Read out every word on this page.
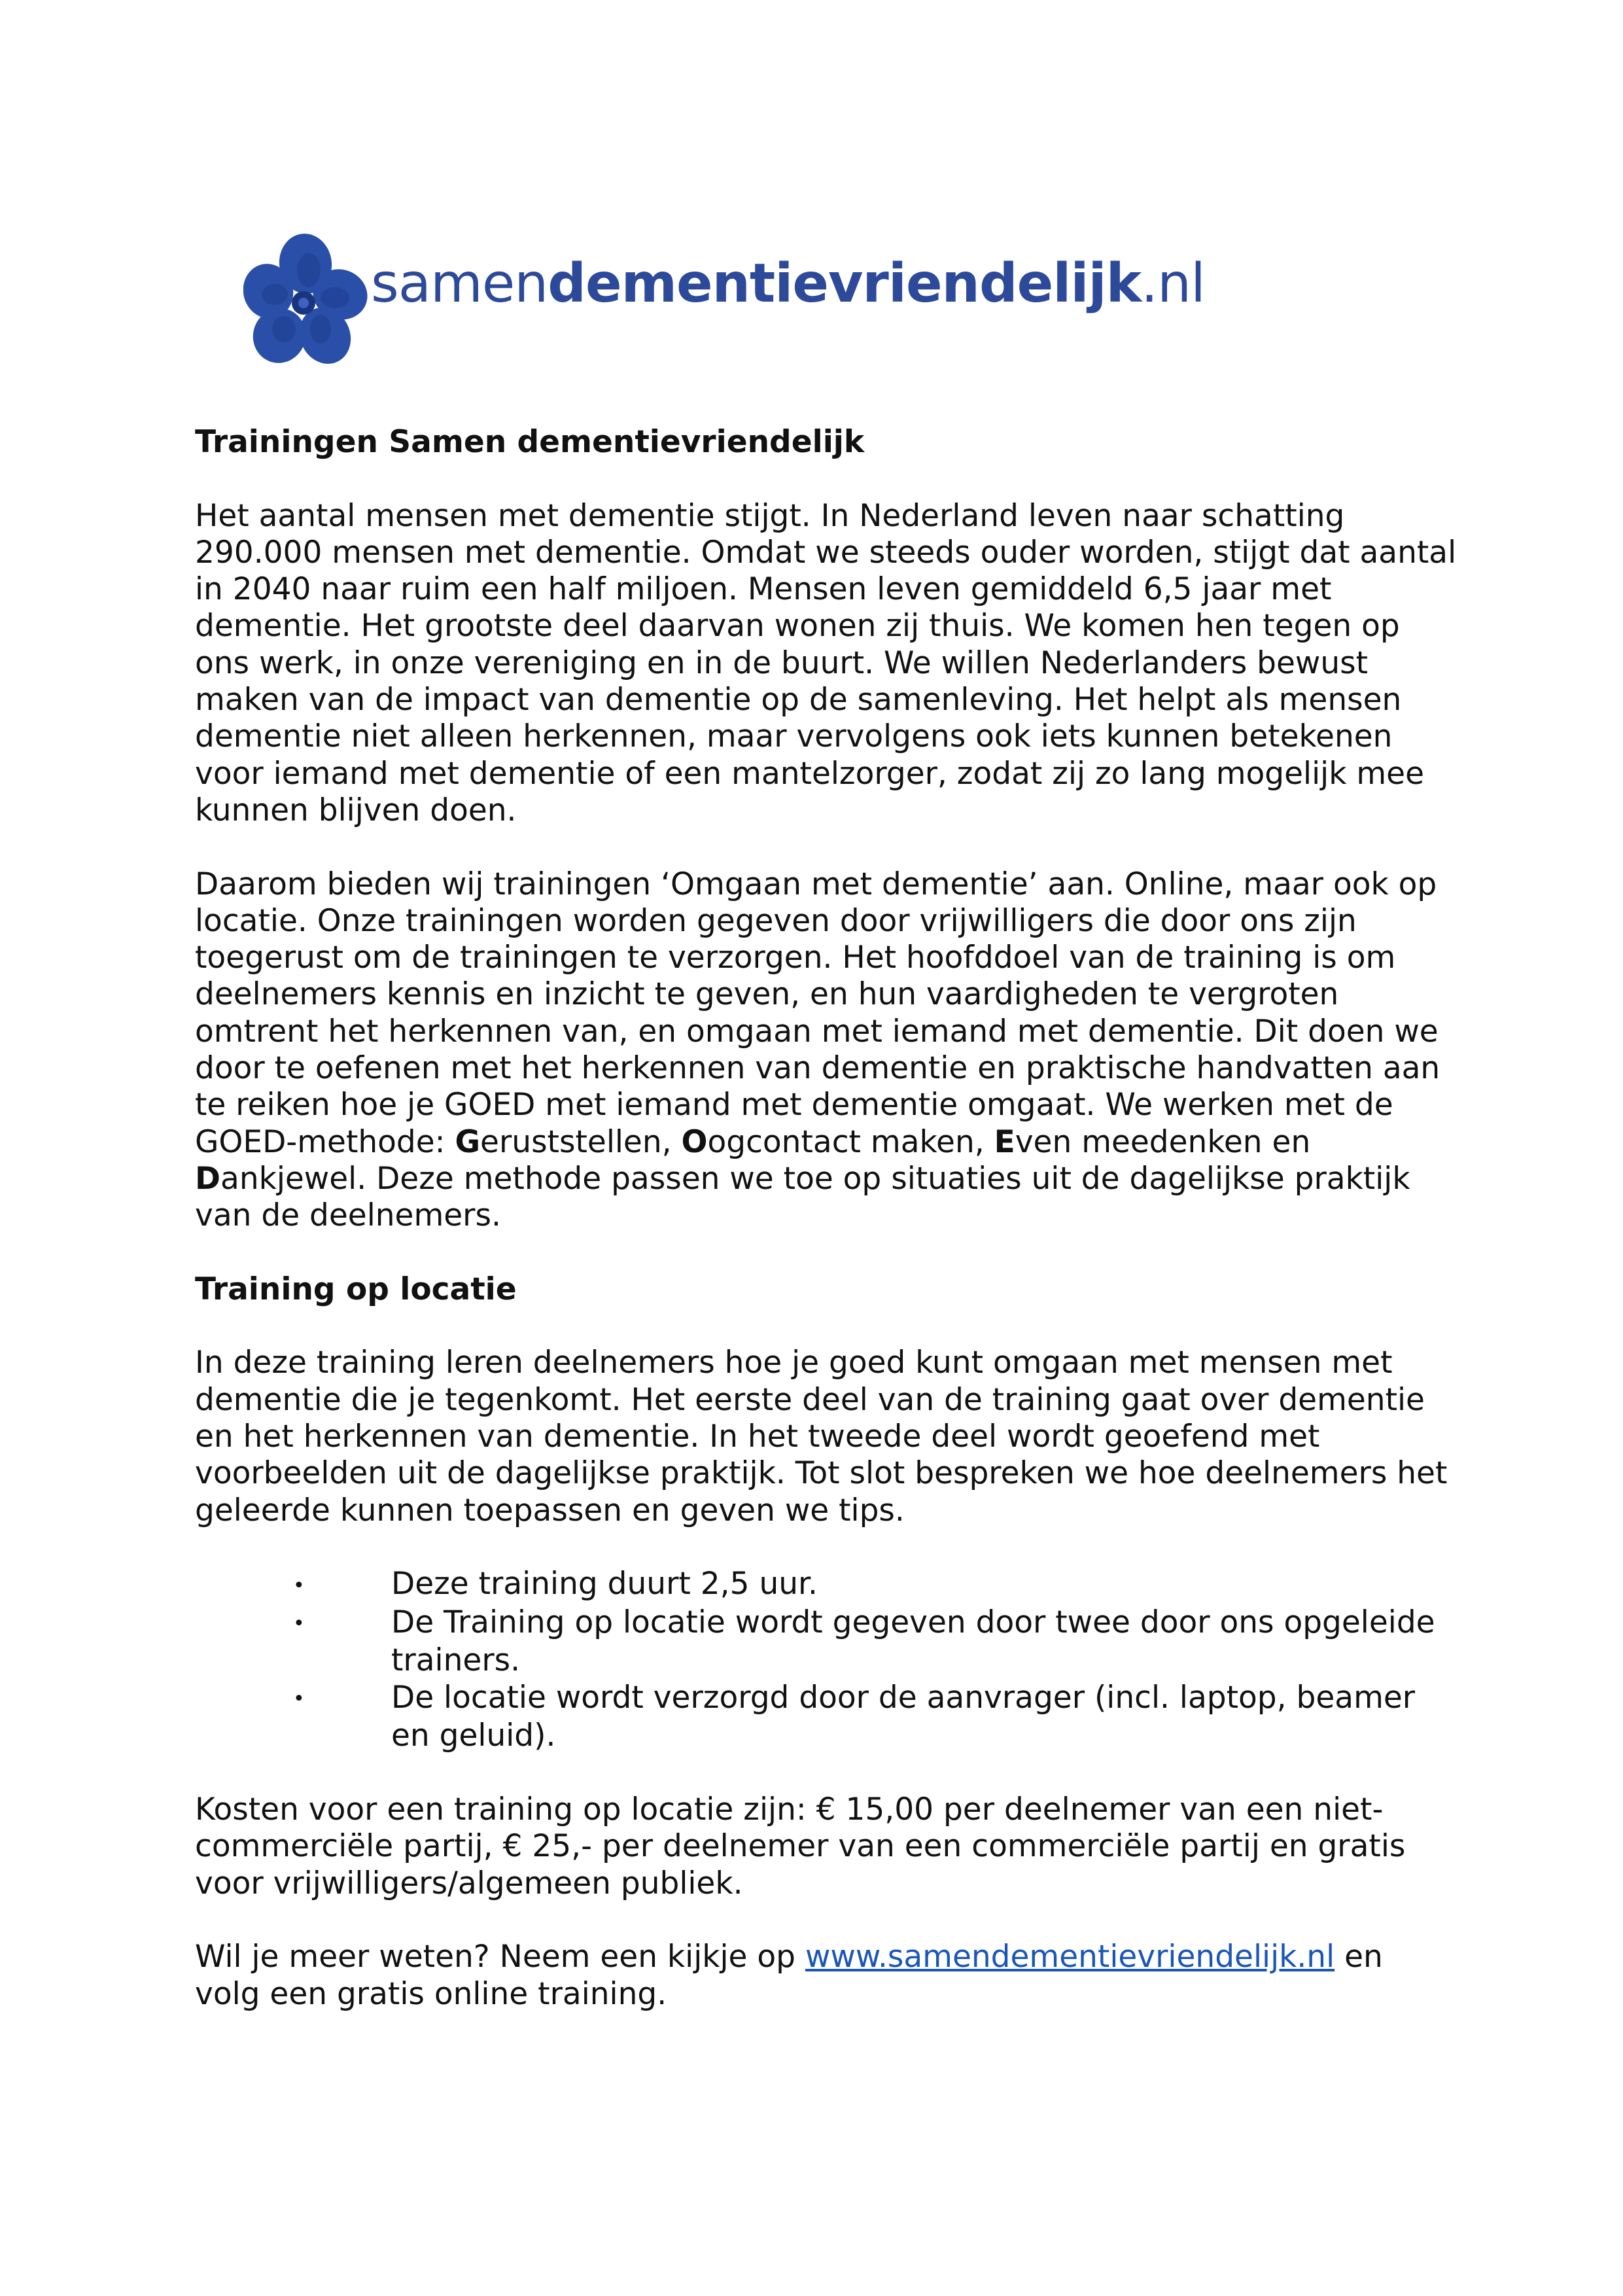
samendementievriendelijk.nl
Trainingen Samen dementievriendelijk

Het aantal mensen met dementie stijgt. In Nederland leven naar schatting 290.000 mensen met dementie. Omdat we steeds ouder worden, stijgt dat aantal in 2040 naar ruim een half miljoen. Mensen leven gemiddeld 6,5 jaar met dementie. Het grootste deel daarvan wonen zij thuis. We komen hen tegen op ons werk, in onze vereniging en in de buurt. We willen Nederlanders bewust maken van de impact van dementie op de samenleving. Het helpt als mensen dementie niet alleen herkennen, maar vervolgens ook iets kunnen betekenen voor iemand met dementie of een mantelzorger, zodat zij zo lang mogelijk mee kunnen blijven doen.

Daarom bieden wij trainingen ‘Omgaan met dementie’ aan. Online, maar ook op locatie. Onze trainingen worden gegeven door vrijwilligers die door ons zijn toegerust om de trainingen te verzorgen. Het hoofddoel van de training is om deelnemers kennis en inzicht te geven, en hun vaardigheden te vergroten omtrent het herkennen van, en omgaan met iemand met dementie. Dit doen we door te oefenen met het herkennen van dementie en praktische handvatten aan te reiken hoe je GOED met iemand met dementie omgaat. We werken met de GOED-methode: Geruststellen, Oogcontact maken, Even meedenken en Dankjewel. Deze methode passen we toe op situaties uit de dagelijkse praktijk van de deelnemers.

Training op locatie

In deze training leren deelnemers hoe je goed kunt omgaan met mensen met dementie die je tegenkomt. Het eerste deel van de training gaat over dementie en het herkennen van dementie. In het tweede deel wordt geoefend met voorbeelden uit de dagelijkse praktijk. Tot slot bespreken we hoe deelnemers het geleerde kunnen toepassen en geven we tips.

•	Deze training duurt 2,5 uur.
•	De Training op locatie wordt gegeven door twee door ons opgeleide trainers.
•	De locatie wordt verzorgd door de aanvrager (incl. laptop, beamer en geluid).

Kosten voor een training op locatie zijn: € 15,00 per deelnemer van een niet-commerciële partij, € 25,- per deelnemer van een commerciële partij en gratis voor vrijwilligers/algemeen publiek.

Wil je meer weten? Neem een kijkje op www.samendementievriendelijk.nl en volg een gratis online training.
